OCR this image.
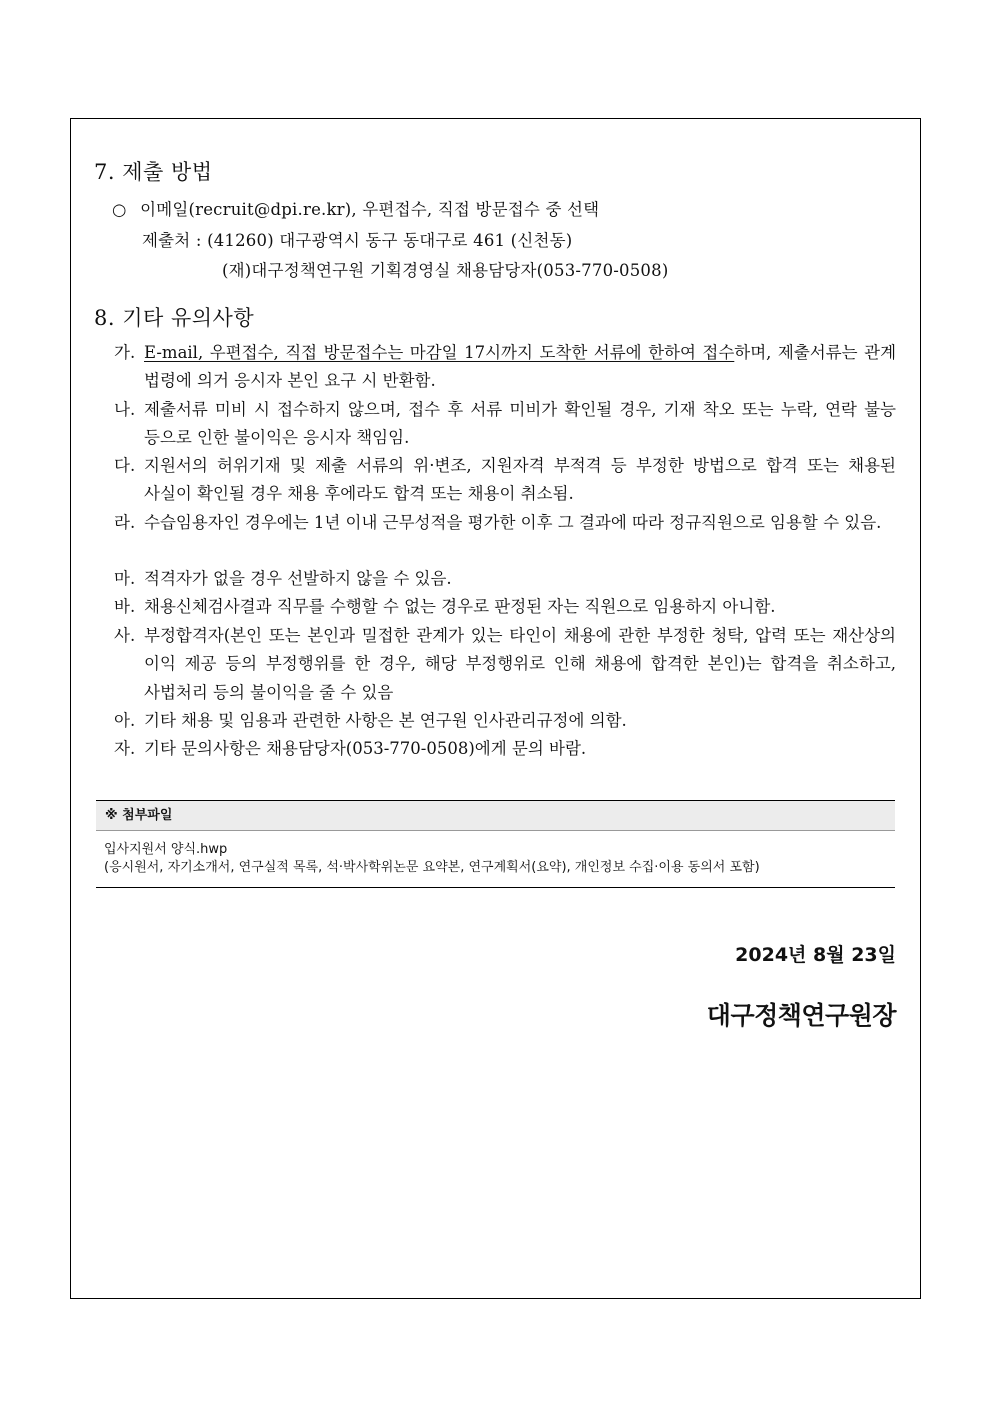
7. 제출 방법
○ 이메일(recruit@dpi.re.kr), 우편접수, 직접 방문접수 중 선택
제출처 : (41260) 대구광역시 동구 동대구로 461 (신천동)
(재)대구정책연구원 기획경영실 채용담당자(053-770-0508)
8. 기타 유의사항
가. E-mail, 우편접수, 직접 방문접수는 마감일 17시까지 도착한 서류에 한하여 접수하며, 제출서류는 관계 법령에 의거 응시자 본인 요구 시 반환함.
나. 제출서류 미비 시 접수하지 않으며, 접수 후 서류 미비가 확인될 경우, 기재 착오 또는 누락, 연락 불능 등으로 인한 불이익은 응시자 책임임.
다. 지원서의 허위기재 및 제출 서류의 위·변조, 지원자격 부적격 등 부정한 방법으로 합격 또는 채용된 사실이 확인될 경우 채용 후에라도 합격 또는 채용이 취소됨.
라. 수습임용자인 경우에는 1년 이내 근무성적을 평가한 이후 그 결과에 따라 정규직원으로 임용할 수 있음.
마. 적격자가 없을 경우 선발하지 않을 수 있음.
바. 채용신체검사결과 직무를 수행할 수 없는 경우로 판정된 자는 직원으로 임용하지 아니함.
사. 부정합격자(본인 또는 본인과 밀접한 관계가 있는 타인이 채용에 관한 부정한 청탁, 압력 또는 재산상의 이익 제공 등의 부정행위를 한 경우, 해당 부정행위로 인해 채용에 합격한 본인)는 합격을 취소하고, 사법처리 등의 불이익을 줄 수 있음
아. 기타 채용 및 임용과 관련한 사항은 본 연구원 인사관리규정에 의함.
자. 기타 문의사항은 채용담당자(053-770-0508)에게 문의 바람.
※ 첨부파일
입사지원서 양식.hwp
(응시원서, 자기소개서, 연구실적 목록, 석·박사학위논문 요약본, 연구계획서(요약), 개인정보 수집·이용 동의서 포함)
2024년 8월 23일
대구정책연구원장
